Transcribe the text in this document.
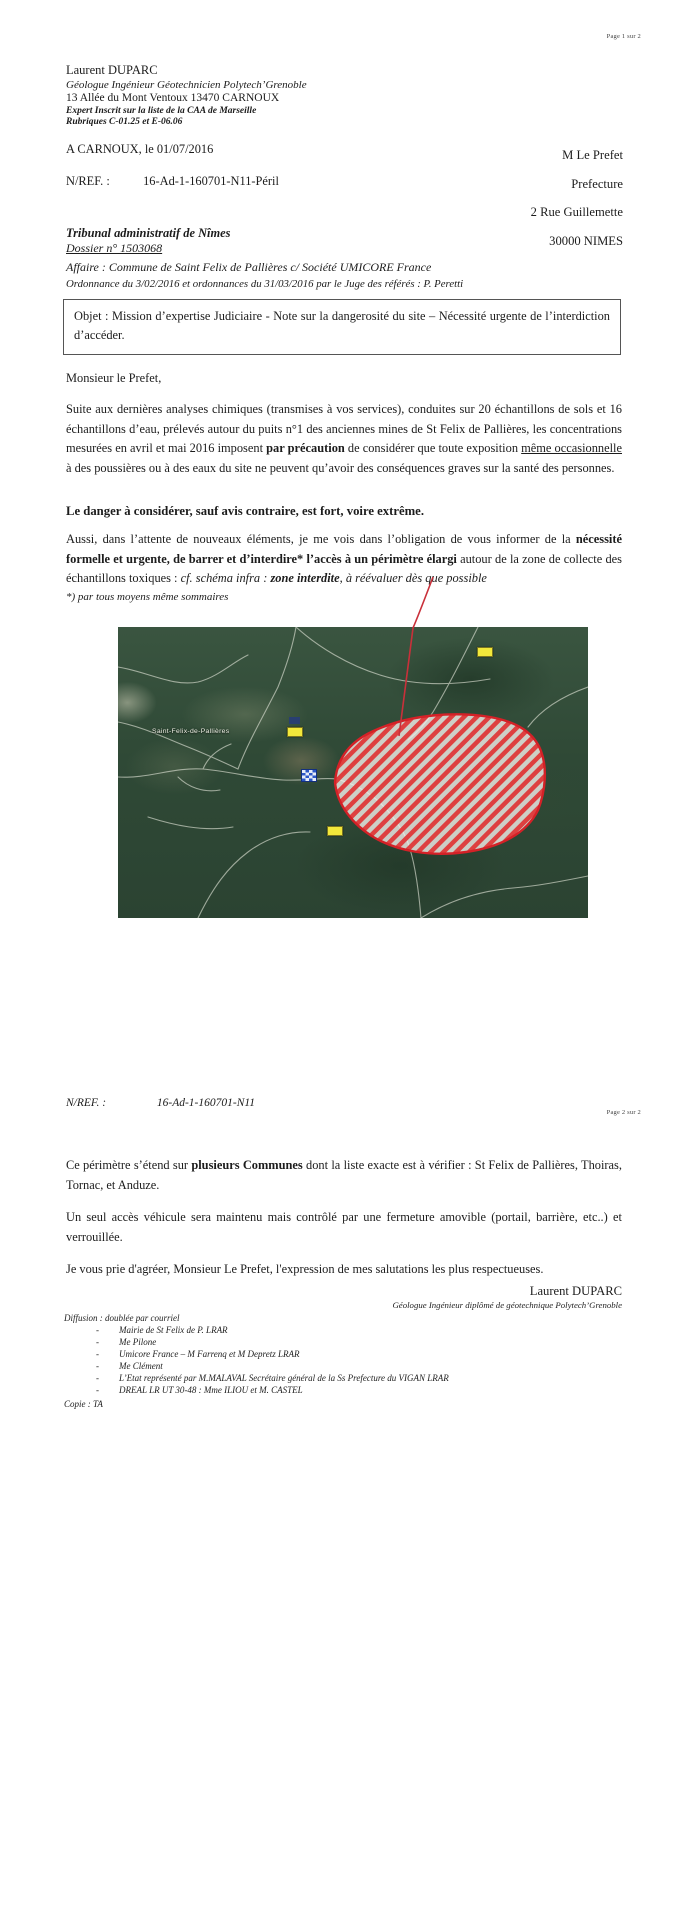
Page 1 sur 2
Laurent DUPARC
Géologue Ingénieur Géotechnicien Polytech’Grenoble
13 Allée du Mont Ventoux 13470 CARNOUX
Expert Inscrit sur la liste de la CAA de Marseille
Rubriques C-01.25 et E-06.06
A CARNOUX, le 01/07/2016
N/REF. :	16-Ad-1-160701-N11-Péril
M Le Prefet
Prefecture
2 Rue Guillemette
30000 NIMES
Tribunal administratif de Nîmes
Dossier n° 1503068
Affaire : Commune de Saint Felix de Pallières c/ Société UMICORE France
Ordonnance du 3/02/2016 et ordonnances du 31/03/2016 par le Juge des référés : P. Peretti
Objet : Mission d’expertise Judiciaire - Note sur la dangerosité du site – Nécessité urgente de l’interdiction d’accéder.
Monsieur le Prefet,
Suite aux dernières analyses chimiques (transmises à vos services), conduites sur 20 échantillons de sols et 16 échantillons d’eau, prélevés autour du puits n°1 des anciennes mines de St Felix de Pallières, les concentrations mesurées en avril et mai 2016 imposent par précaution de considérer que toute exposition même occasionnelle à des poussières ou à des eaux du site ne peuvent qu’avoir des conséquences graves sur la santé des personnes.
Le danger à considérer, sauf avis contraire, est fort, voire extrême.
Aussi, dans l’attente de nouveaux éléments, je me vois dans l’obligation de vous informer de la nécessité formelle et urgente, de barrer et d’interdire* l’accès à un périmètre élargi autour de la zone de collecte des échantillons toxiques : cf. schéma infra : zone interdite, à réévaluer dès que possible
*) par tous moyens même sommaires
Saint-Felix-de-Pallières
N/REF. :	16-Ad-1-160701-N11
Page 2 sur 2
Ce périmètre s’étend sur plusieurs Communes dont la liste exacte est à vérifier : St Felix de Pallières, Thoiras, Tornac, et Anduze.
Un seul accès véhicule sera maintenu mais contrôlé par une fermeture amovible (portail, barrière, etc..) et verrouillée.
Je vous prie d'agréer, Monsieur Le Prefet, l'expression de mes salutations les plus respectueuses.
Laurent DUPARC
Géologue Ingénieur diplômé de géotechnique Polytech’Grenoble
Diffusion : doublée par courriel
- Mairie de St Felix de P. LRAR
- Me Pilone
- Umicore France – M Farrenq et M Depretz LRAR
- Me Clément
- L’Etat représenté par M.MALAVAL Secrétaire général de la Ss Prefecture du VIGAN LRAR
- DREAL LR UT 30-48 : Mme ILIOU et M. CASTEL
Copie : TA
